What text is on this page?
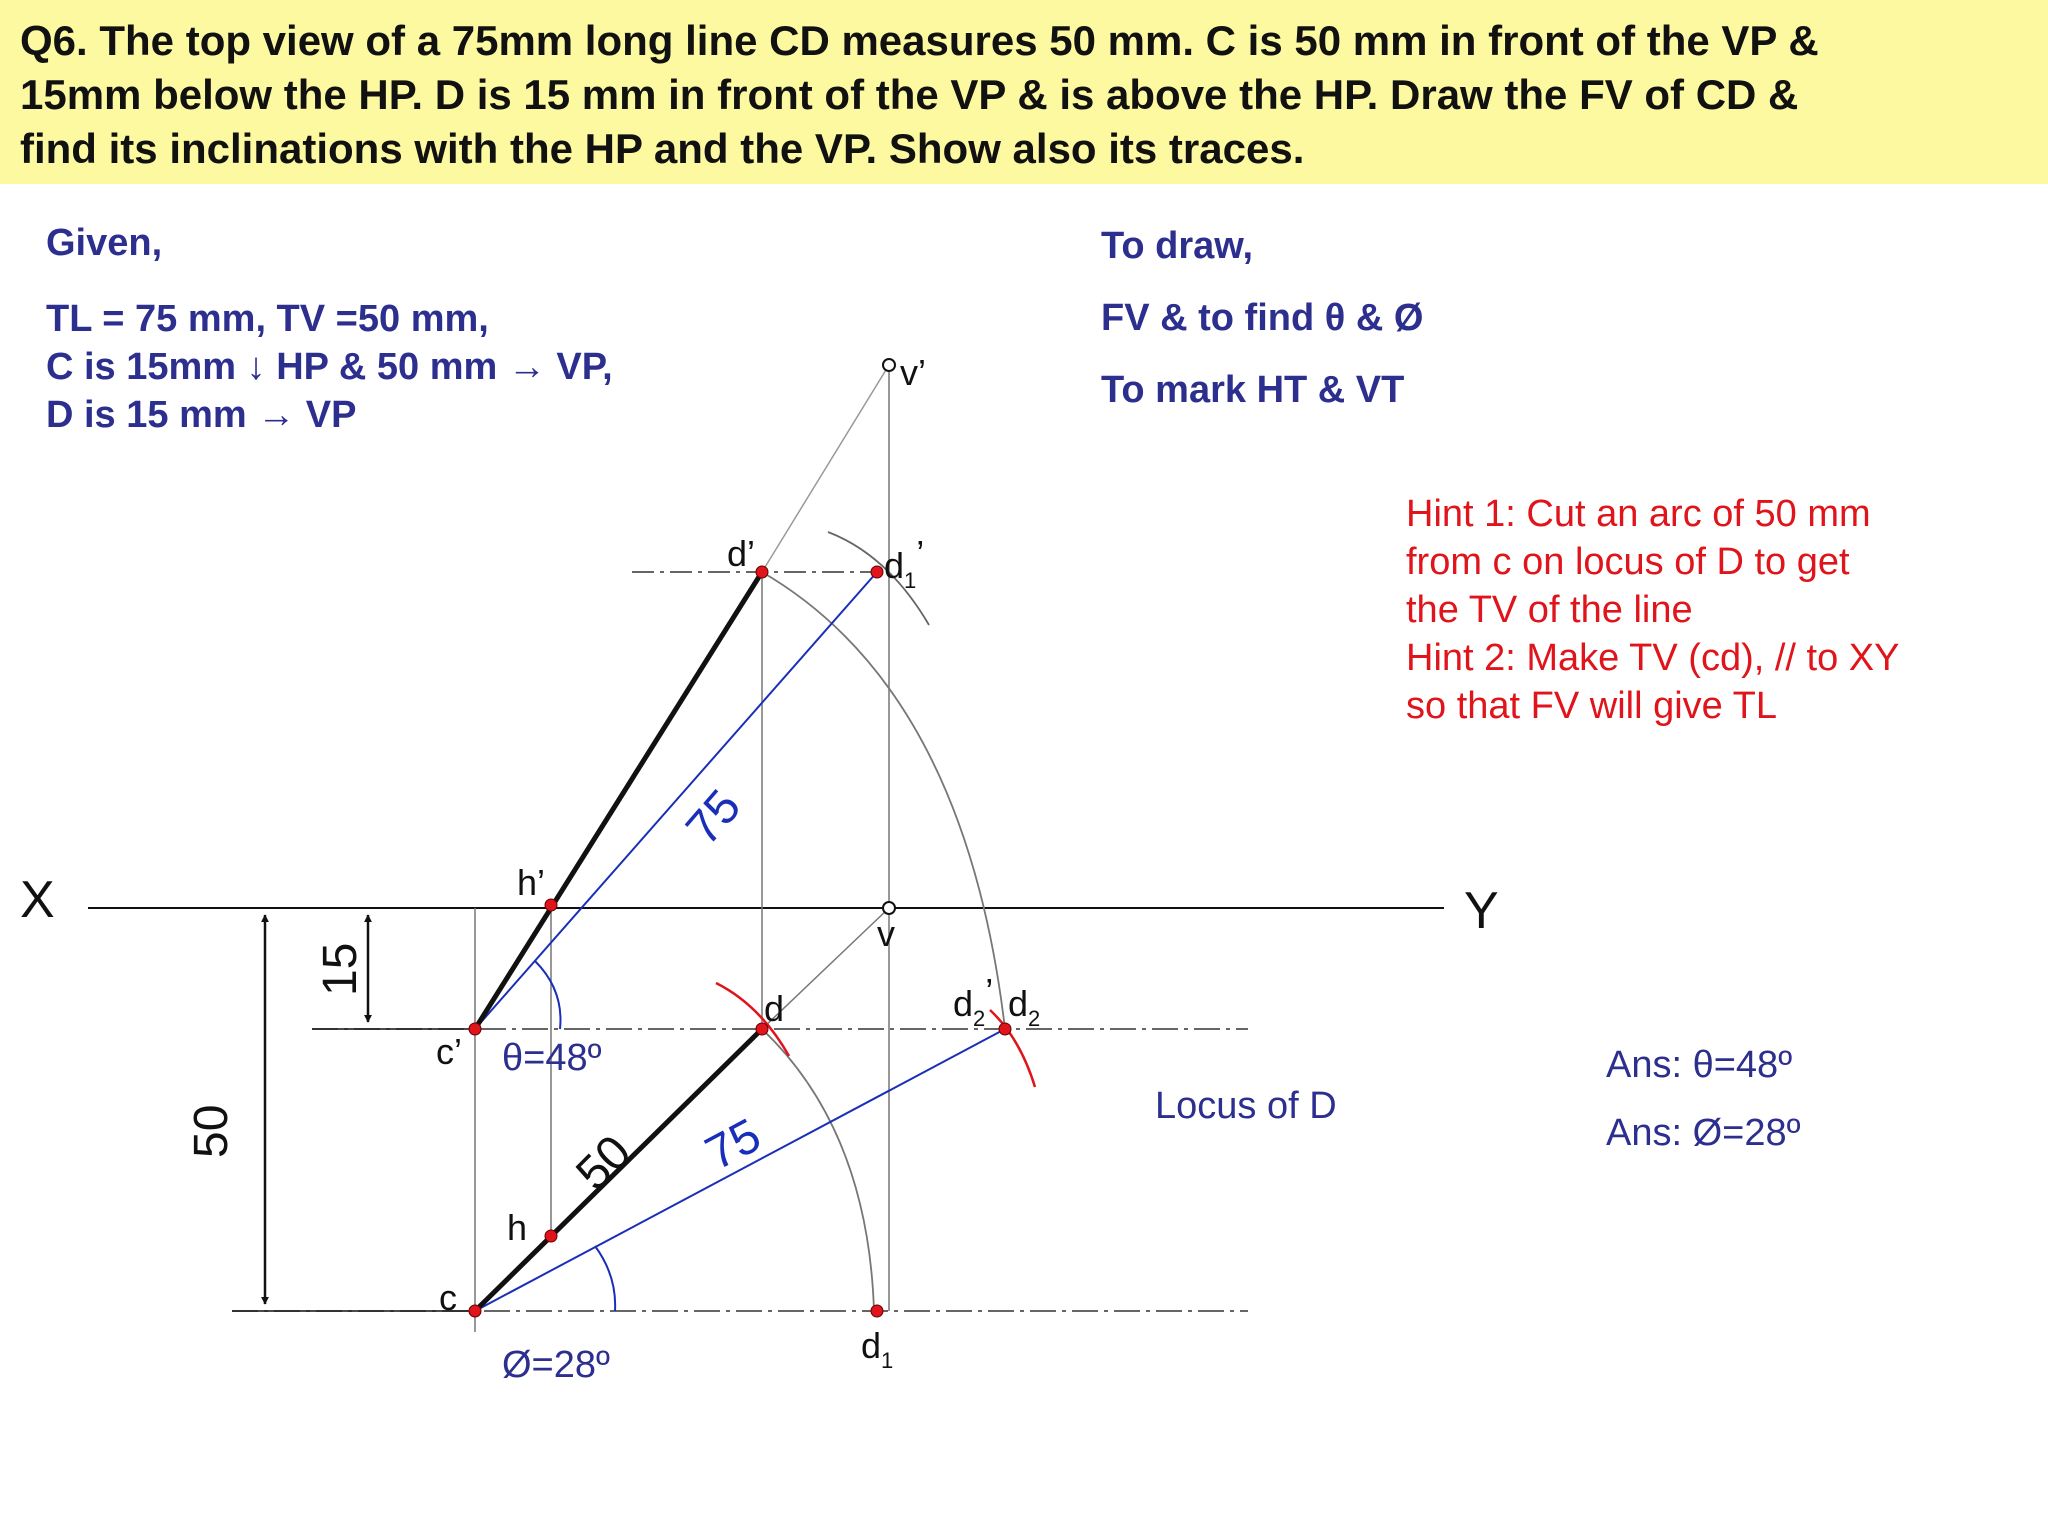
Q6. The top view of a 75mm long line CD measures 50 mm. C is 50 mm in front of the VP &
15mm below the HP. D is 15 mm in front of the VP & is above the HP. Draw the FV of CD &
find its inclinations with the HP and the VP. Show also its traces.

Given,
TL = 75 mm, TV =50 mm,
C is 15mm ↓ HP & 50 mm → VP,
D is 15 mm → VP
To draw,
FV & to find θ & Ø
To mark HT & VT
Hint 1: Cut an arc of 50 mm
from c on locus of D to get
the TV of the line
Hint 2: Make TV (cd), // to XY
so that FV will give TL
Ans: θ=48º
Ans: Ø=28º
X	Y
d’	$d_1$’
v’
h’
v
c’
d	$d_2$’ $d_2$
h
c
$d_1$
θ=48º
Ø=28º
Locus of D
15
50	50
75
75
